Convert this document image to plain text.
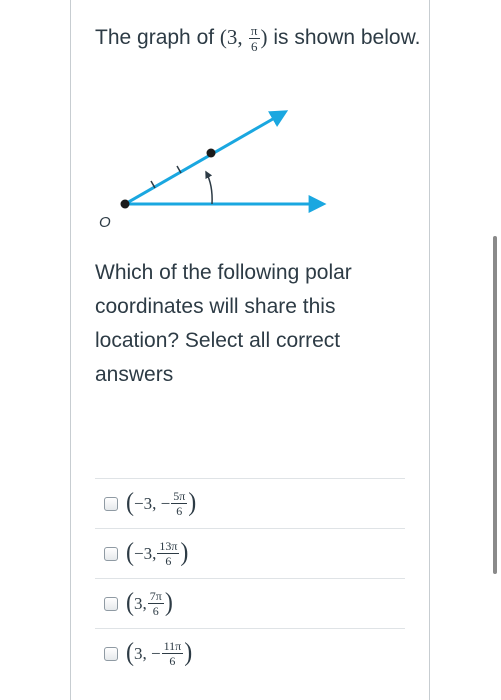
The graph of (3, $\frac{\pi}{6}$ ) is shown below.
O
Which of the following polar coordinates will share this location? Select all correct answers
( −3, − $\frac{5\pi}{6}$ )
( −3, $\frac{13\pi}{6}$ )
( 3, $\frac{7\pi}{6}$ )
( 3, − $\frac{11\pi}{6}$ )
